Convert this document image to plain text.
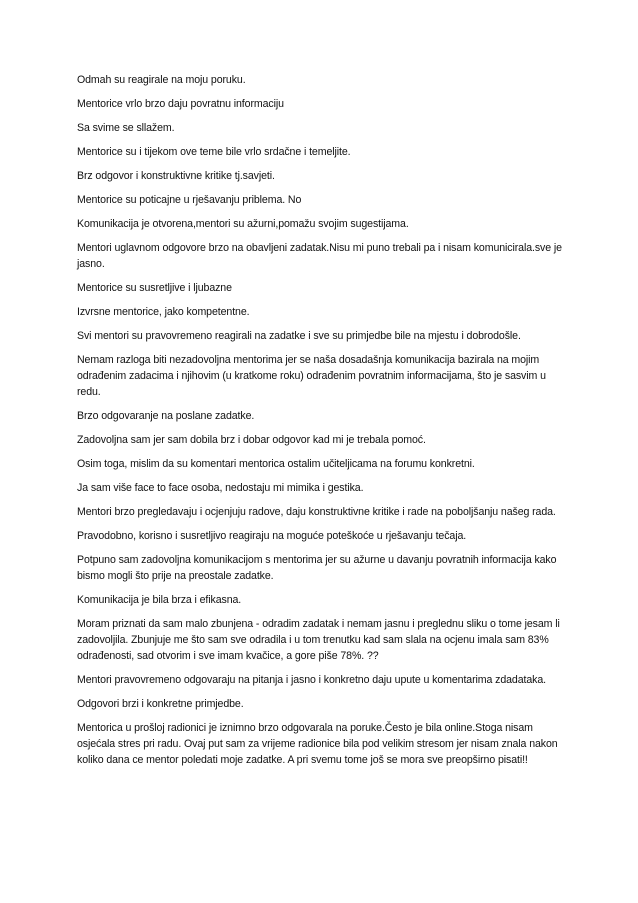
Odmah su reagirale na moju poruku.

Mentorice vrlo brzo daju povratnu informaciju

Sa svime se sllažem.

Mentorice su i tijekom ove teme bile vrlo srdačne i temeljite.

Brz odgovor i konstruktivne kritike tj.savjeti.

Mentorice su poticajne u rješavanju priblema. No

Komunikacija je otvorena,mentori su ažurni,pomažu svojim sugestijama.

Mentori uglavnom odgovore brzo na obavljeni zadatak.Nisu mi puno trebali pa i nisam komunicirala.sve je jasno.

Mentorice su susretljive i ljubazne

Izvrsne mentorice, jako kompetentne.

Svi mentori su pravovremeno reagirali na zadatke i sve su primjedbe bile na mjestu i dobrodošle.

Nemam razloga biti nezadovoljna mentorima jer se naša dosadašnja komunikacija bazirala na mojim odrađenim zadacima i njihovim (u kratkome roku) odrađenim povratnim informacijama, što je sasvim u redu.

Brzo odgovaranje na poslane zadatke.

Zadovoljna sam jer sam dobila brz i dobar odgovor kad mi je trebala pomoć.

Osim toga, mislim da su komentari mentorica ostalim učiteljicama na forumu konkretni.

Ja sam više face to face osoba, nedostaju mi mimika i gestika.

Mentori brzo pregledavaju i ocjenjuju radove, daju konstruktivne kritike i rade na poboljšanju našeg rada.

Pravodobno, korisno i susretljivo reagiraju na moguće poteškoće u rješavanju tečaja.

Potpuno sam zadovoljna komunikacijom s mentorima jer su ažurne u davanju povratnih informacija kako bismo mogli što prije na preostale zadatke.

Komunikacija je bila brza i efikasna.

Moram priznati da sam malo zbunjena - odradim zadatak i nemam jasnu i preglednu sliku o tome jesam li zadovoljila. Zbunjuje me što sam sve odradila i u tom trenutku kad sam slala na ocjenu imala sam 83% odrađenosti, sad otvorim i sve imam kvačice, a gore piše 78%. ??

Mentori pravovremeno odgovaraju na pitanja i jasno i konkretno daju upute u komentarima zdadataka.

Odgovori brzi i konkretne primjedbe.

Mentorica u prošloj radionici je iznimno brzo odgovarala na poruke.Često je bila online.Stoga nisam osjećala stres pri radu. Ovaj put sam za vrijeme radionice bila pod velikim stresom jer nisam znala nakon koliko dana ce mentor poledati moje zadatke. A pri svemu tome još se mora sve preopširno pisati!!
